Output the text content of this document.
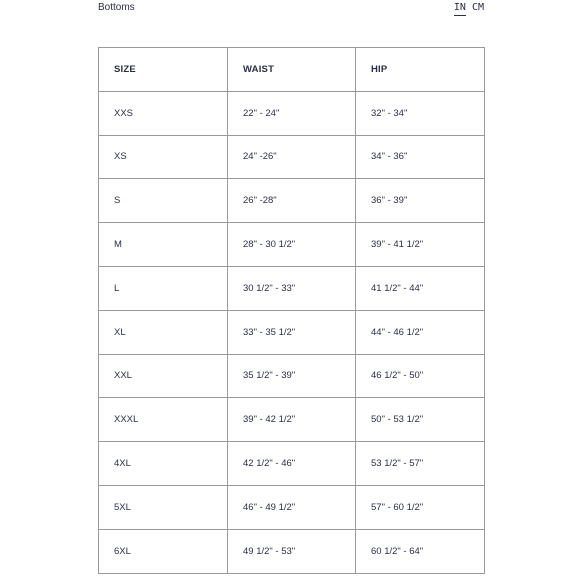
Bottoms	IN CM
SIZE	WAIST	HIP
XXS	22" - 24"	32" - 34"
XS	24" -26"	34" - 36"
S	26" -28"	36" - 39"
M	28" - 30 1/2"	39" - 41 1/2"
L	30 1/2" - 33"	41 1/2" - 44"
XL	33" - 35 1/2"	44" - 46 1/2"
XXL	35 1/2" - 39"	46 1/2" - 50"
XXXL	39" - 42 1/2"	50" - 53 1/2"
4XL	42 1/2" - 46"	53 1/2" - 57"
5XL	46" - 49 1/2"	57" - 60 1/2"
6XL	49 1/2" - 53"	60 1/2" - 64"
